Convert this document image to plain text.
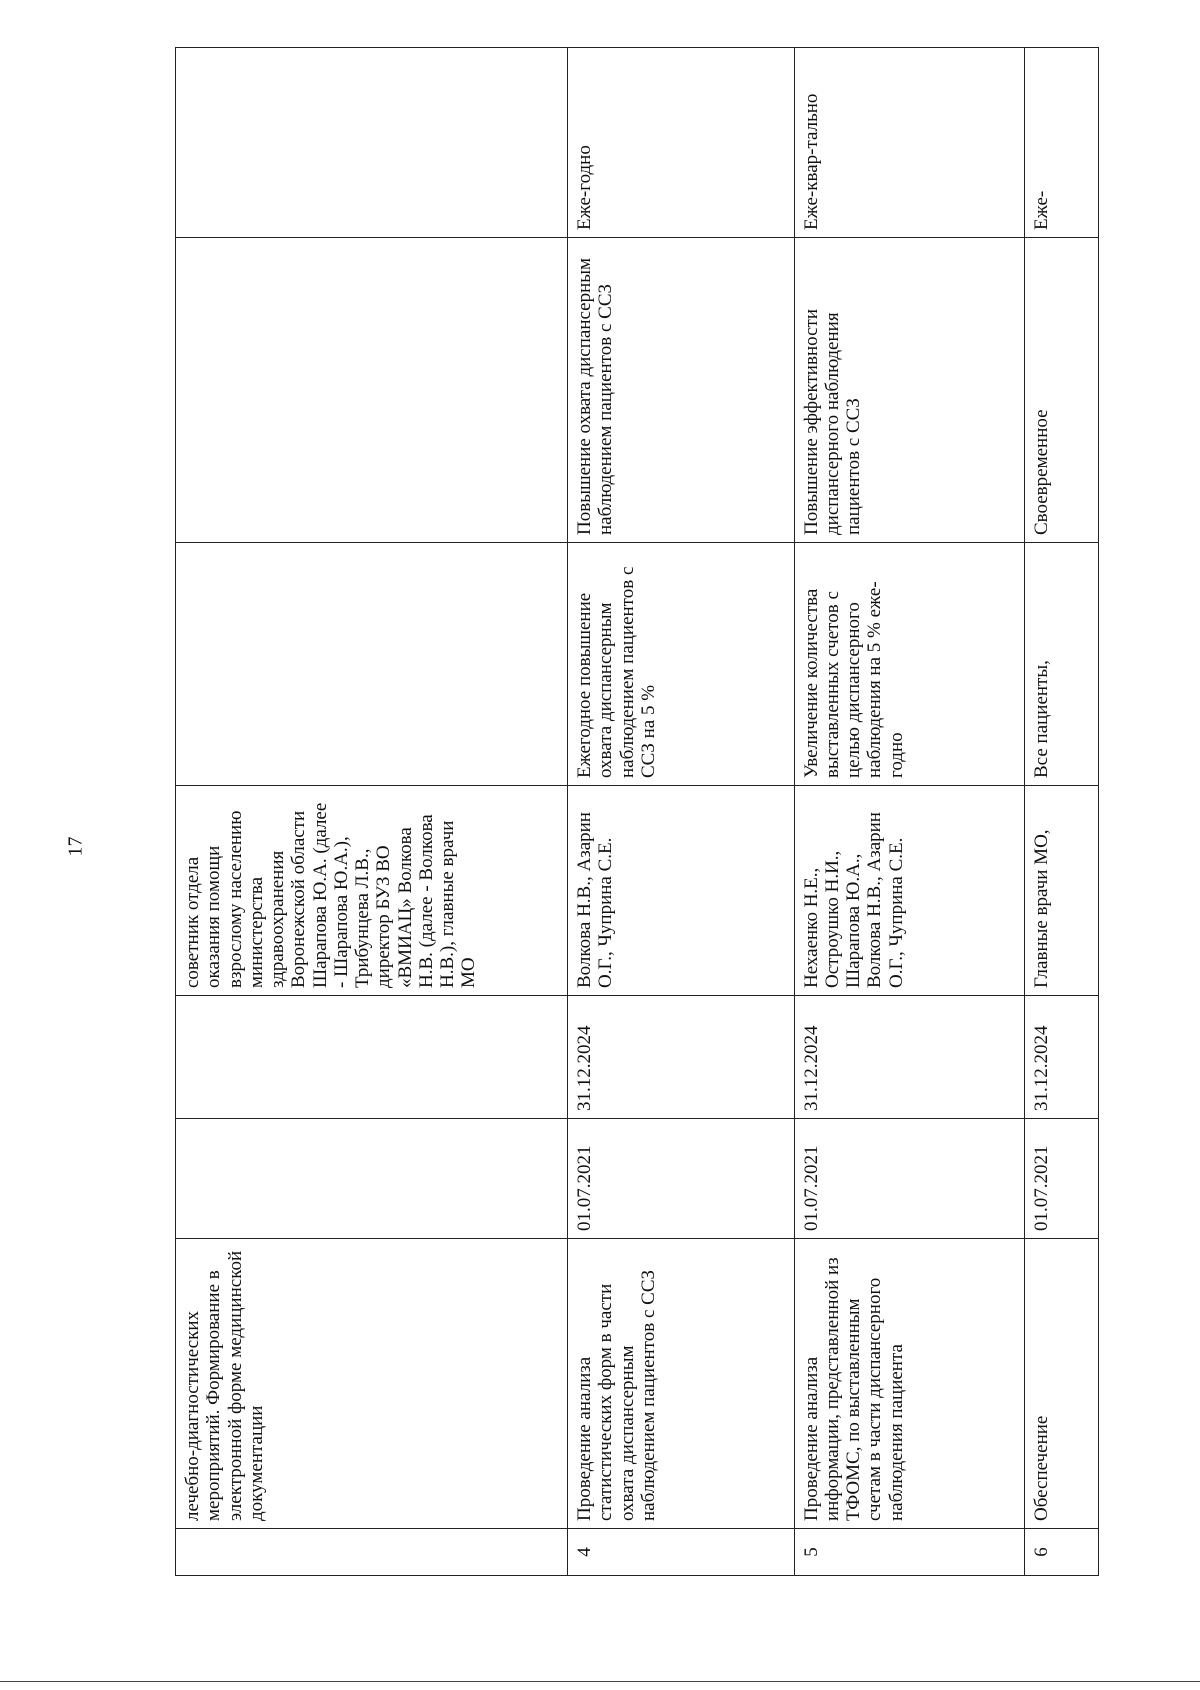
17
	лечебно-диагностических мероприятий. Формирование в электронной форме медицинской документации			советник отдела оказания помощи взрослому населению министерства здравоохранения Воронежской области Шарапова Ю.А. (далее - Шарапова Ю.А.), Трибунцева Л.В., директор БУЗ ВО «ВМИАЦ» Волкова Н.В. (далее - Волкова Н.В.), главные врачи МО			
4	Проведение анализа статистических форм в части охвата диспансерным наблюдением пациентов с ССЗ	01.07.2021	31.12.2024	Волкова Н.В., Азарин О.Г., Чуприна С.Е.	Ежегодное повышение охвата диспансерным наблюдением пациентов с ССЗ на 5 %	Повышение охвата диспансерным наблюдением пациентов с ССЗ	Еже-годно
5	Проведение анализа информации, представленной из ТФОМС, по выставленным счетам в части диспансерного наблюдения пациента	01.07.2021	31.12.2024	Нехаенко Н.Е., Остроушко Н.И., Шарапова Ю.А., Волкова Н.В., Азарин О.Г., Чуприна С.Е.	Увеличение количества выставленных счетов с целью диспансерного наблюдения на 5 % еже-годно	Повышение эффективности диспансерного наблюдения пациентов с ССЗ	Еже-квар-тально
6	Обеспечение	01.07.2021	31.12.2024	Главные врачи МО,	Все пациенты,	Своевременное	Еже-
